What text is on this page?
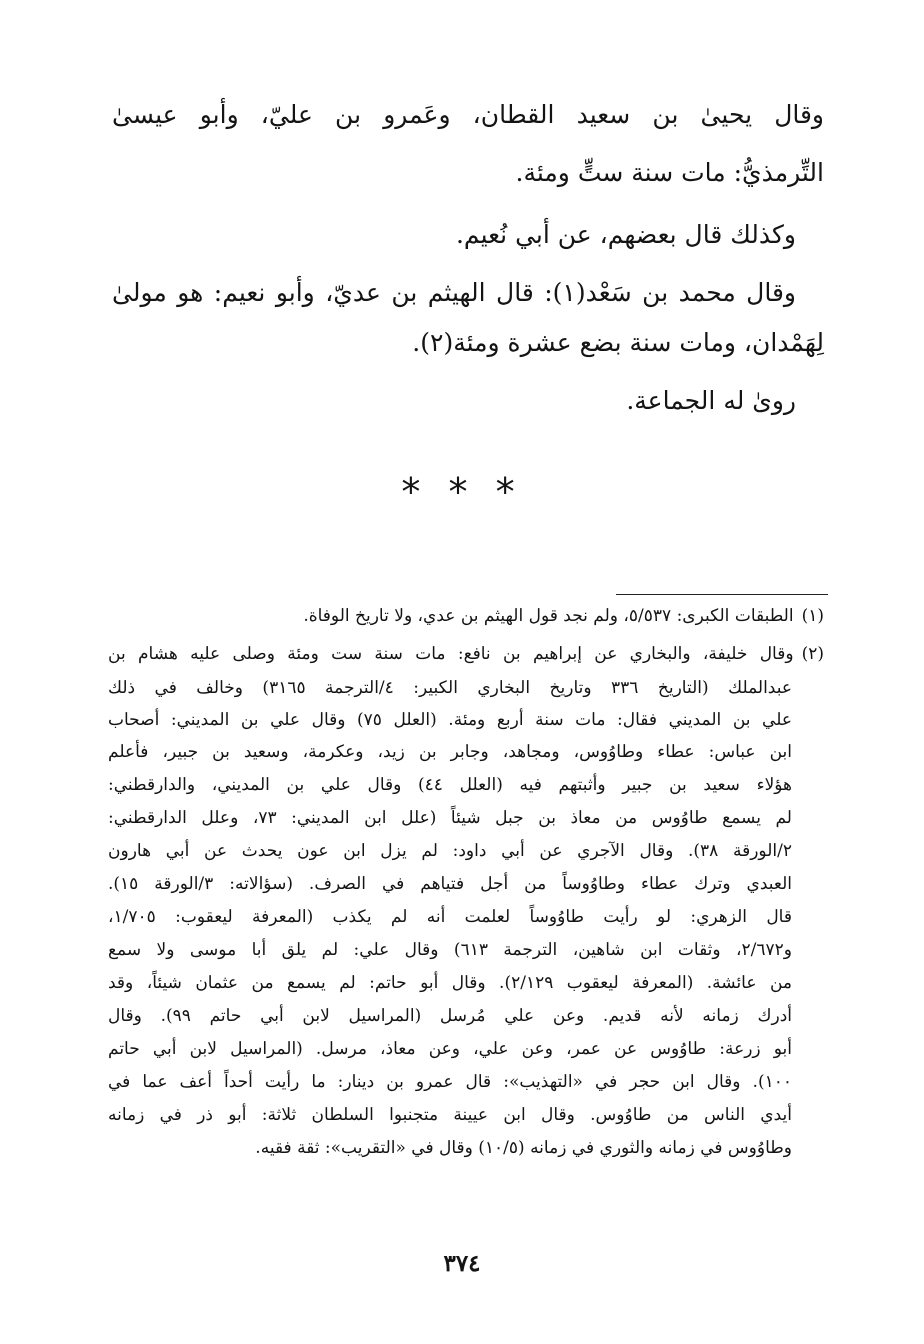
وقال يحيىٰ بن سعيد القطان، وعَمرو بن عليّ، وأبو عيسىٰ
التِّرمذيُّ: مات سنة ستٍّ ومئة.
وكذلك قال بعضهم، عن أبي نُعيم.
وقال محمد بن سَعْد(١): قال الهيثم بن عديّ، وأبو نعيم: هو مولىٰ
لِهَمْدان، ومات سنة بضع عشرة ومئة(٢).
روىٰ له الجماعة.
* * *
(١)الطبقات الكبرى: ٥/٥٣٧، ولم نجد قول الهيثم بن عدي، ولا تاريخ الوفاة.
(٢)وقال خليفة، والبخاري عن إبراهيم بن نافع: مات سنة ست ومئة وصلى عليه هشام بن
عبدالملك (التاريخ ٣٣٦ وتاريخ البخاري الكبير: ٤/الترجمة ٣١٦٥) وخالف في ذلك
علي بن المديني فقال: مات سنة أربع ومئة. (العلل ٧٥) وقال علي بن المديني: أصحاب
ابن عباس: عطاء وطاوُوس، ومجاهد، وجابر بن زيد، وعكرمة، وسعيد بن جبير، فأعلم
هؤلاء سعيد بن جبير وأثبتهم فيه (العلل ٤٤) وقال علي بن المديني، والدارقطني:
لم يسمع طاوُوس من معاذ بن جبل شيئاً (علل ابن المديني: ٧٣، وعلل الدارقطني:
٢/الورقة ٣٨). وقال الآجري عن أبي داود: لم يزل ابن عون يحدث عن أبي هارون
العبدي وترك عطاء وطاوُوساً من أجل فتياهم في الصرف. (سؤالاته: ٣/الورقة ١٥).
قال الزهري: لو رأيت طاوُوساً لعلمت أنه لم يكذب (المعرفة ليعقوب: ١/٧٠٥،
و٢/٦٧٢، وثقات ابن شاهين، الترجمة ٦١٣) وقال علي: لم يلق أبا موسى ولا سمع
من عائشة. (المعرفة ليعقوب ٢/١٢٩). وقال أبو حاتم: لم يسمع من عثمان شيئاً، وقد
أدرك زمانه لأنه قديم. وعن علي مُرسل (المراسيل لابن أبي حاتم ٩٩). وقال
أبو زرعة: طاوُوس عن عمر، وعن علي، وعن معاذ، مرسل. (المراسيل لابن أبي حاتم
١٠٠). وقال ابن حجر في «التهذيب»: قال عمرو بن دينار: ما رأيت أحداً أعف عما في
أيدي الناس من طاوُوس. وقال ابن عيينة متجنبوا السلطان ثلاثة: أبو ذر في زمانه
وطاوُوس في زمانه والثوري في زمانه (١٠/٥) وقال في «التقريب»: ثقة فقيه.
٣٧٤
